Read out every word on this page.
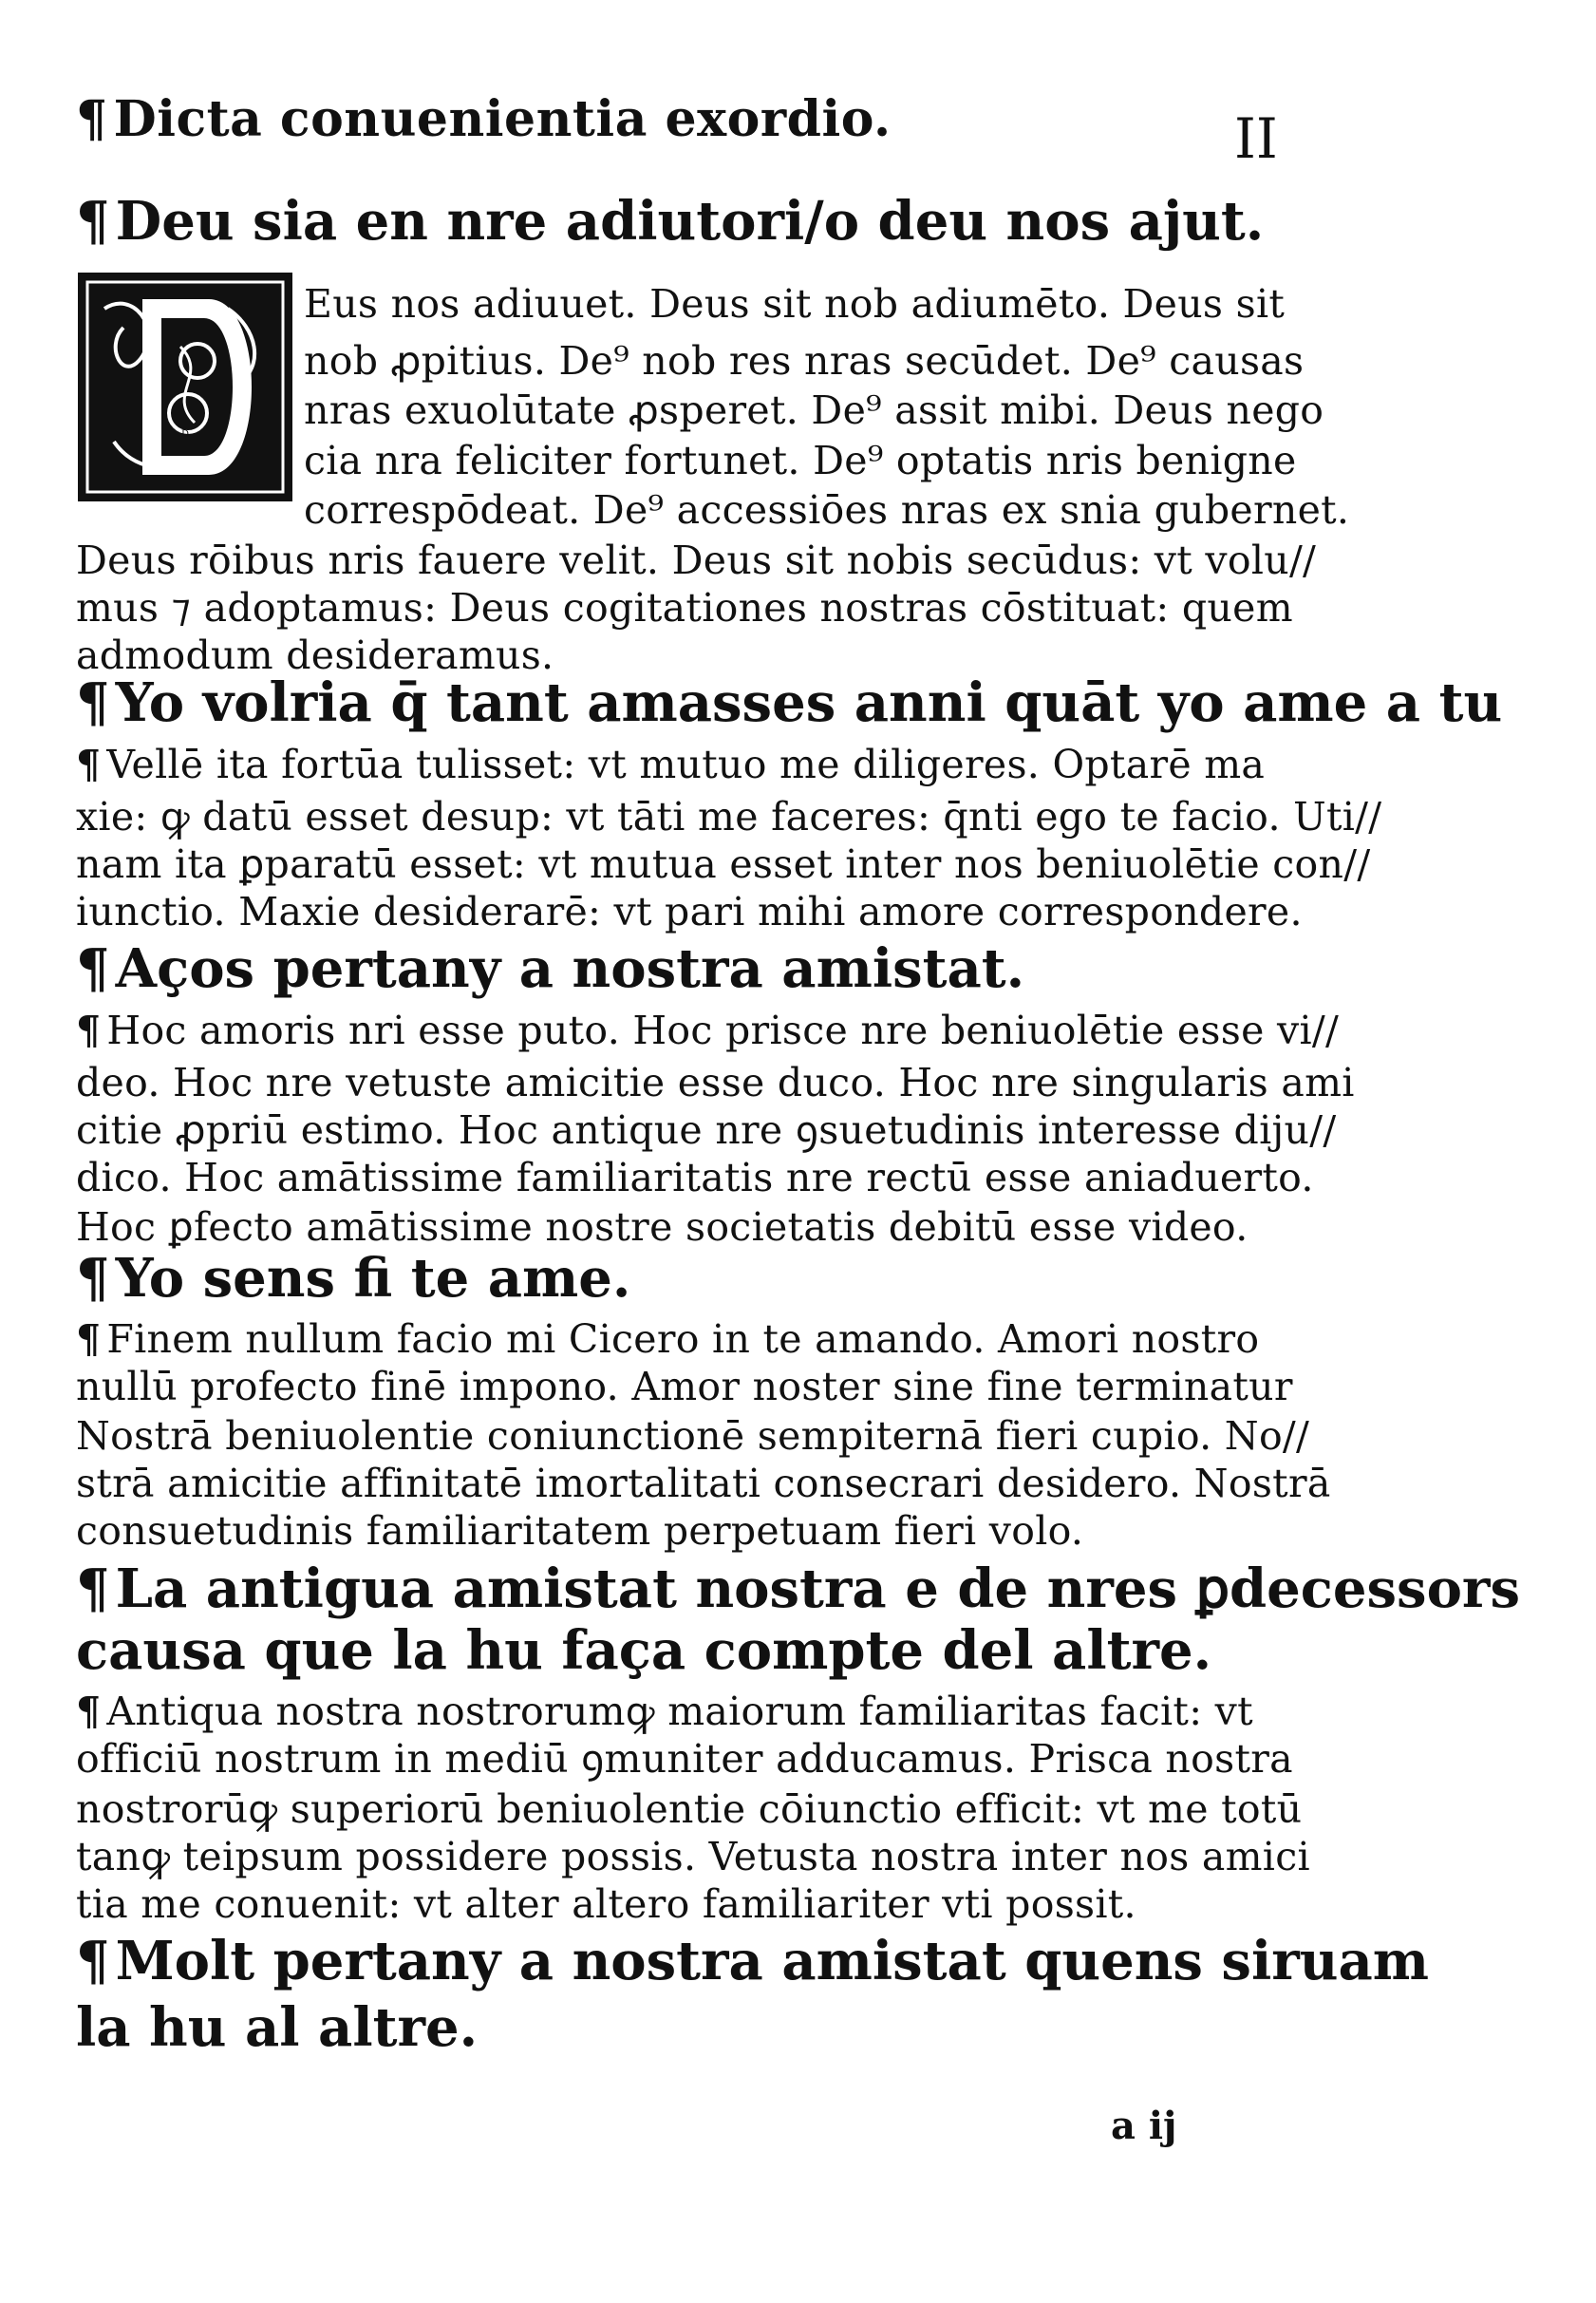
II
D
¶ Dicta conuenientia exordio.
¶ Deu sia en nre adiutori/o deu nos ajut.
Eus nos adiuuet. Deus sit nob adiumēto. Deus sit
nob ꝓpitius. De⁹ nob res nras secūdet. De⁹ causas
nras exuolūtate ꝓsperet. De⁹ assit mibi. Deus nego
cia nra feliciter fortunet. De⁹ optatis nris benigne
correspōdeat. De⁹ accessiōes nras ex snia gubernet.
Deus rōibus nris fauere velit. Deus sit nobis secūdus: vt volu//
mus ⁊ adoptamus: Deus cogitationes nostras cōstituat: quem
admodum desideramus.
¶ Yo volria q̄ tant amasses anni quāt yo ame a tu
¶ Vellē ita fortūa tulisset: vt mutuo me diligeres. Optarē ma
xie: ꝙ datū esset desup: vt tāti me faceres: q̄nti ego te facio. Uti//
nam ita ꝑparatū esset: vt mutua esset inter nos beniuolētie con//
iunctio. Maxie desiderarē: vt pari mihi amore correspondere.
¶ Aços pertany a nostra amistat.
¶ Hoc amoris nri esse puto. Hoc prisce nre beniuolētie esse vi//
deo. Hoc nre vetuste amicitie esse duco. Hoc nre singularis ami
citie ꝓpriū estimo. Hoc antique nre ꝯsuetudinis interesse diju//
dico. Hoc amātissime familiaritatis nre rectū esse aniaduerto.
Hoc ꝑfecto amātissime nostre societatis debitū esse video.
¶ Yo sens fi te ame.
¶ Finem nullum facio mi Cicero in te amando. Amori nostro
nullū profecto finē impono. Amor noster sine fine terminatur
Nostrā beniuolentie coniunctionē sempiternā fieri cupio. No//
strā amicitie affinitatē imortalitati consecrari desidero. Nostrā
consuetudinis familiaritatem perpetuam fieri volo.
¶ La antigua amistat nostra e de nres ꝑdecessors
causa que la hu faça compte del altre.
¶ Antiqua nostra nostrorumꝙ maiorum familiaritas facit: vt
officiū nostrum in mediū ꝯmuniter adducamus. Prisca nostra
nostrorūꝙ superiorū beniuolentie cōiunctio efficit: vt me totū
tanꝙ teipsum possidere possis. Vetusta nostra inter nos amici
tia me conuenit: vt alter altero familiariter vti possit.
¶ Molt pertany a nostra amistat quens siruam
la hu al altre.
a ij
